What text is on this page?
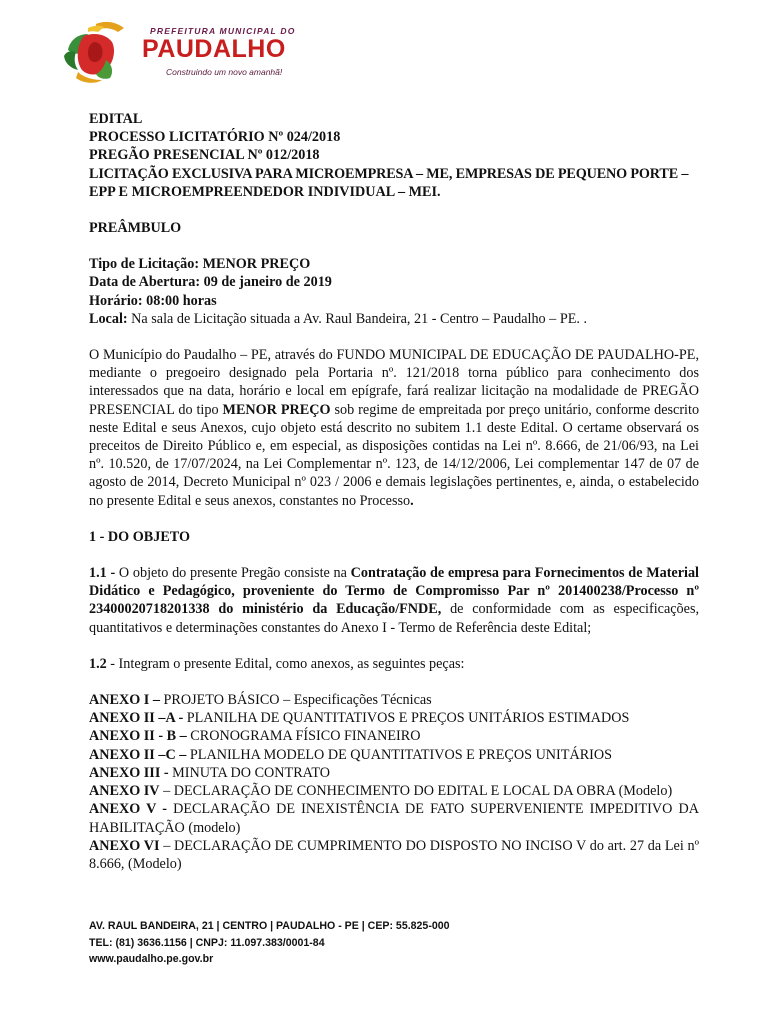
PREFEITURA MUNICIPAL DO
PAUDALHO
Construindo um novo amanhã!
EDITAL
PROCESSO LICITATÓRIO Nº 024/2018
PREGÃO PRESENCIAL Nº 012/2018
LICITAÇÃO EXCLUSIVA PARA MICROEMPRESA – ME, EMPRESAS DE PEQUENO PORTE –
EPP E MICROEMPREENDEDOR INDIVIDUAL – MEI.
PREÂMBULO
Tipo de Licitação: MENOR PREÇO
Data de Abertura: 09 de janeiro de 2019
Horário: 08:00 horas
Local: Na sala de Licitação situada a Av. Raul Bandeira, 21 - Centro – Paudalho – PE. .

O Município do Paudalho – PE, através do FUNDO MUNICIPAL DE EDUCAÇÃO DE PAUDALHO-PE, mediante o pregoeiro designado pela Portaria nº. 121/2018 torna público para conhecimento dos interessados que na data, horário e local em epígrafe, fará realizar licitação na modalidade de PREGÃO PRESENCIAL do tipo MENOR PREÇO sob regime de empreitada por preço unitário, conforme descrito neste Edital e seus Anexos, cujo objeto está descrito no subitem 1.1 deste Edital. O certame observará os preceitos de Direito Público e, em especial, as disposições contidas na Lei nº. 8.666, de 21/06/93, na Lei nº. 10.520, de 17/07/2024, na Lei Complementar nº. 123, de 14/12/2006, Lei complementar 147 de 07 de agosto de 2014, Decreto Municipal nº 023 / 2006 e demais legislações pertinentes, e, ainda, o estabelecido no presente Edital e seus anexos, constantes no Processo.

1 - DO OBJETO

1.1 - O objeto do presente Pregão consiste na Contratação de empresa para Fornecimentos de Material Didático e Pedagógico, proveniente do Termo de Compromisso Par nº 201400238/Processo nº 23400020718201338 do ministério da Educação/FNDE, de conformidade com as especificações, quantitativos e determinações constantes do Anexo I - Termo de Referência deste Edital;

1.2 - Integram o presente Edital, como anexos, as seguintes peças:

ANEXO I – PROJETO BÁSICO – Especificações Técnicas

ANEXO II –A - PLANILHA DE QUANTITATIVOS E PREÇOS UNITÁRIOS ESTIMADOS

ANEXO II - B – CRONOGRAMA FÍSICO FINANEIRO

ANEXO II –C – PLANILHA MODELO DE QUANTITATIVOS E PREÇOS UNITÁRIOS

ANEXO III - MINUTA DO CONTRATO

ANEXO IV – DECLARAÇÃO DE CONHECIMENTO DO EDITAL E LOCAL DA OBRA (Modelo)

ANEXO V - DECLARAÇÃO DE INEXISTÊNCIA DE FATO SUPERVENIENTE IMPEDITIVO DA HABILITAÇÃO (modelo)

ANEXO VI – DECLARAÇÃO DE CUMPRIMENTO DO DISPOSTO NO INCISO V do art. 27 da Lei nº 8.666, (Modelo)

AV. RAUL BANDEIRA, 21 | CENTRO | PAUDALHO - PE | CEP: 55.825-000
TEL: (81) 3636.1156 | CNPJ: 11.097.383/0001-84
www.paudalho.pe.gov.br
